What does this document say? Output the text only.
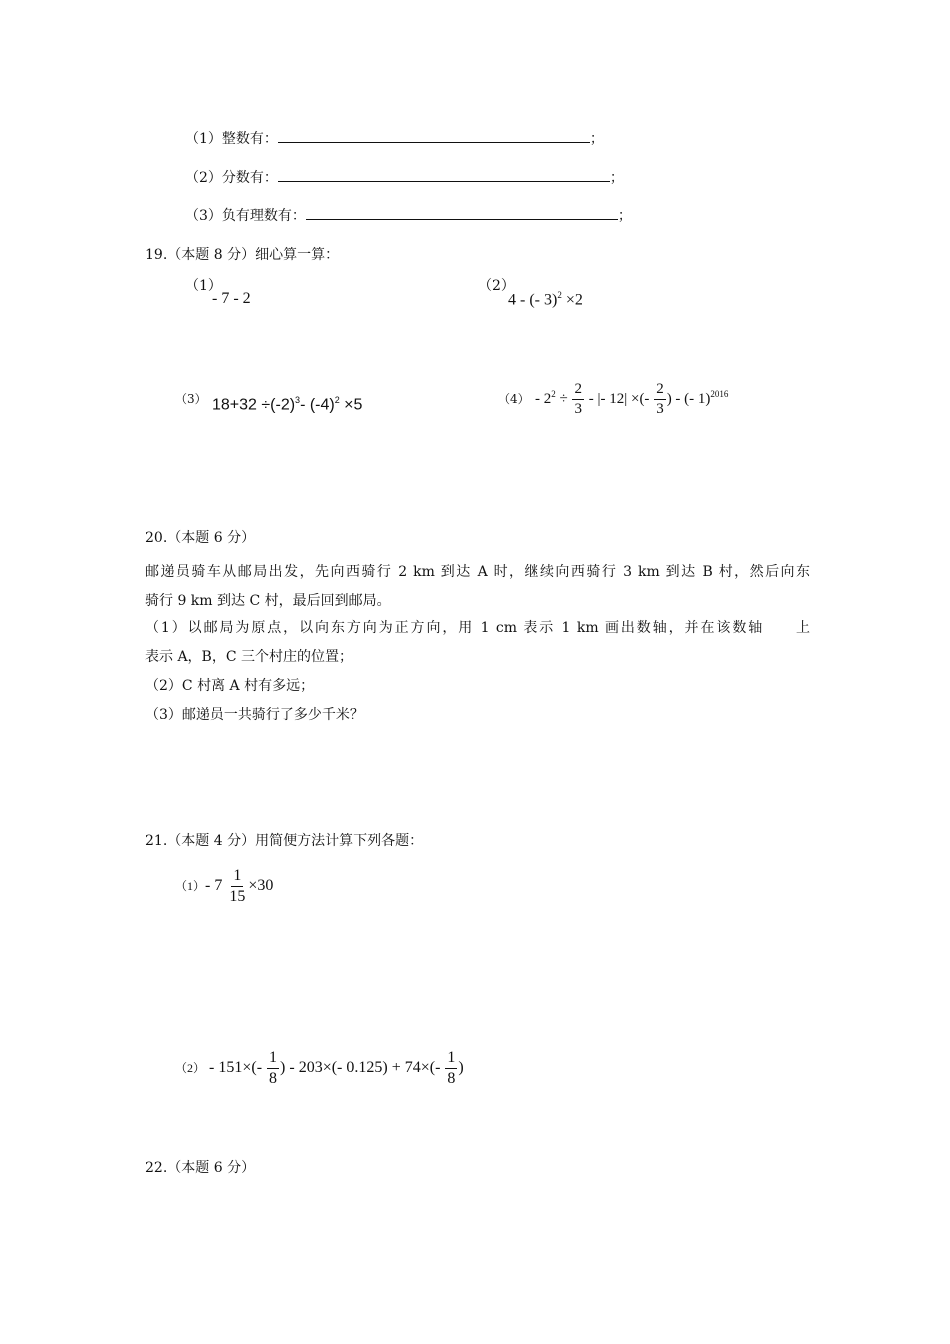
（1）整数有：	；
（2）分数有：	；
（3）负有理数有：	；
19.（本题 8 分）细心算一算：
（1）
- 7 - 2
（2）
4 - (- 3)$^2$ ×2
（3） $18+32 \div(-2)^3-$ $(-4)^2 \times 5$	$(4) - 2^2 \div \frac{2}{3}$ - |- 12| ×(- $\frac{2}{3}$ ) - (- 1)$^{2016}$
20.（本题 6 分）
邮递员骑车从邮局出发，先向西骑行 2 km 到达 A 时，继续向西骑行 3 km 到达 B 村，然后向东
骑行 9 km 到达 C 村，最后回到邮局。
（1）以邮局为原点，以向东方向为正方向，用 1 cm 表示 1 km 画出数轴，并在该数轴　　上
表示 A，B，C 三个村庄的位置；
（2）C 村离 A 村有多远；
（3）邮递员一共骑行了多少千米？
21.（本题 4 分）用简便方法计算下列各题：
（1）- $7 \frac{1}{15} \times 30$
$(2) - 151\times(- \frac{1}{8}$ ) - 203×(- $0.125) + 74\times(- \frac{1}{8}$ )
22.（本题 6 分）
